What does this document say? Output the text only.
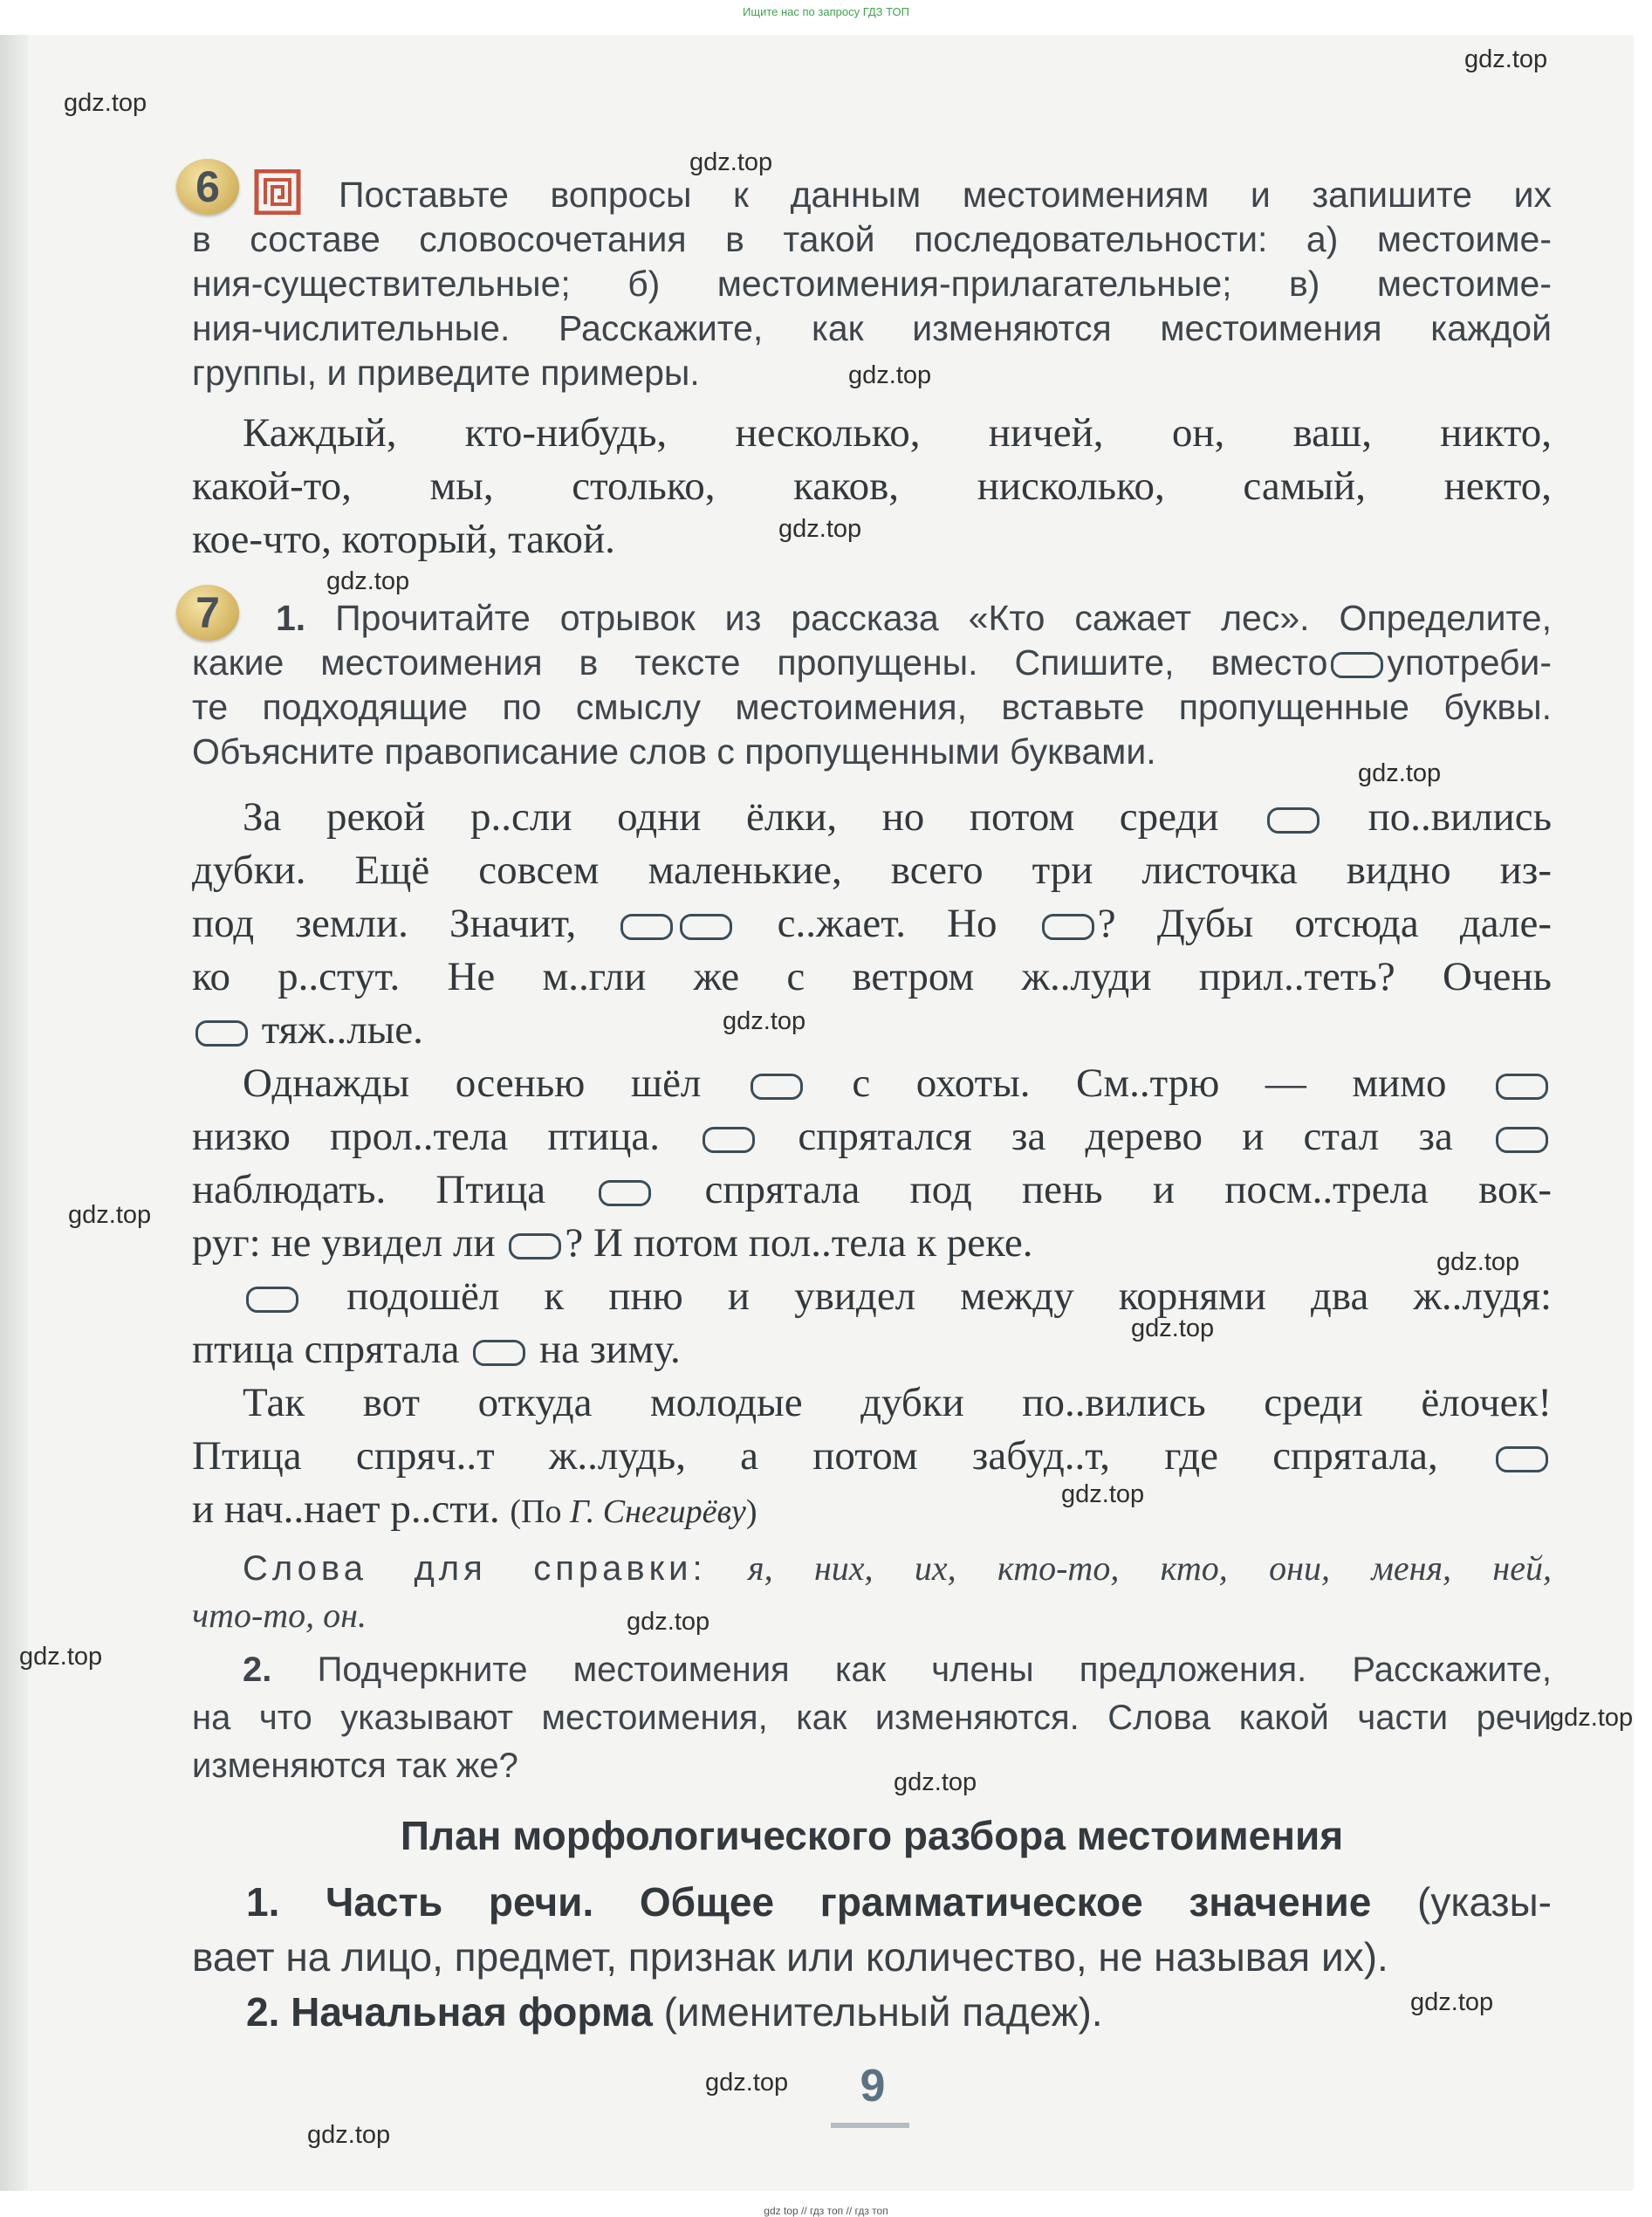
Ищите нас по запросу ГДЗ ТОП
gdz.top
gdz.top
gdz.top
gdz.top
gdz.top
gdz.top
gdz.top
gdz.top
gdz.top
gdz.top
gdz.top
gdz.top
gdz.top
gdz.top
gdz.top
gdz.top
gdz.top
gdz.top
gdz.top
6	Поставьте вопросы к данным местоимениям и запишите их
в составе словосочетания в такой последовательности: а) местоиме-
ния-существительные; б) местоимения-прилагательные; в) местоиме-
ния-числительные. Расскажите, как изменяются местоимения каждой
группы, и приведите примеры.
Каждый, кто-нибудь, несколько, ничей, он, ваш, никто,
какой-то, мы, столько, каков, нисколько, самый, некто,
кое-что, который, такой.
7	1. Прочитайте отрывок из рассказа «Кто сажает лес». Определите,
какие местоимения в тексте пропущены. Спишите, вместо употреби-
те подходящие по смыслу местоимения, вставьте пропущенные буквы.
Объясните правописание слов с пропущенными буквами.
За рекой р..сли одни ёлки, но потом среди	по..вились
дубки. Ещё совсем маленькие, всего три листочка видно из-
под земли. Значит,	с..жает. Но ? Дубы отсюда дале-
ко р..стут. Не м..гли же с ветром ж..луди прил..теть? Очень
тяж..лые.
Однажды осенью шёл	с охоты. См..трю — мимо
низко прол..тела птица.	спрятался за дерево и стал за
наблюдать. Птица	спрятала под пень и посм..трела вок-
руг: не увидел ли ? И потом пол..тела к реке.
подошёл к пню и увидел между корнями два ж..лудя:
птица спрятала на зиму.
Так вот откуда молодые дубки по..вились среди ёлочек!
Птица спряч..т ж..лудь, а потом забуд..т, где спрятала,
и нач..нает р..сти. (По Г. Снегирёву)
Слова для справки: я, них, их, кто-то, кто, они, меня, ней,
что-то, он.
2. Подчеркните местоимения как члены предложения. Расскажите,
на что указывают местоимения, как изменяются. Слова какой части речи
изменяются так же?
План морфологического разбора местоимения
1. Часть речи. Общее грамматическое значение (указы-
вает на лицо, предмет, признак или количество, не называя их).
2. Начальная форма (именительный падеж).
9
gdz top // гдз топ // гдз топ
